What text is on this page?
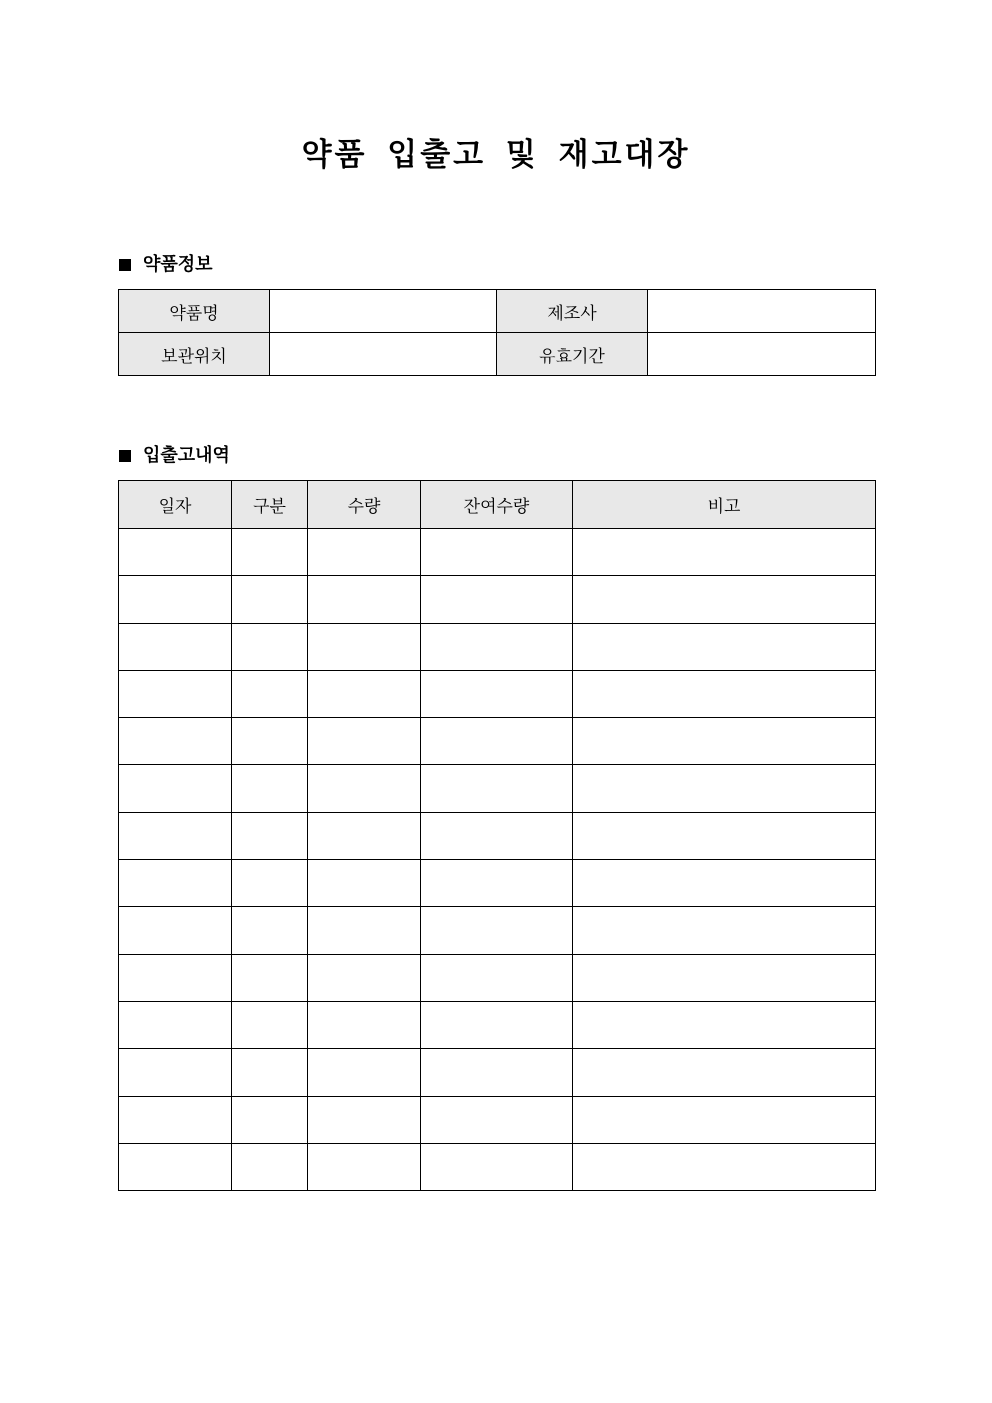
약품 입출고 및 재고대장
약품정보
약품명		제조사	
보관위치		유효기간	
입출고내역
일자	구분	수량	잔여수량	비고
